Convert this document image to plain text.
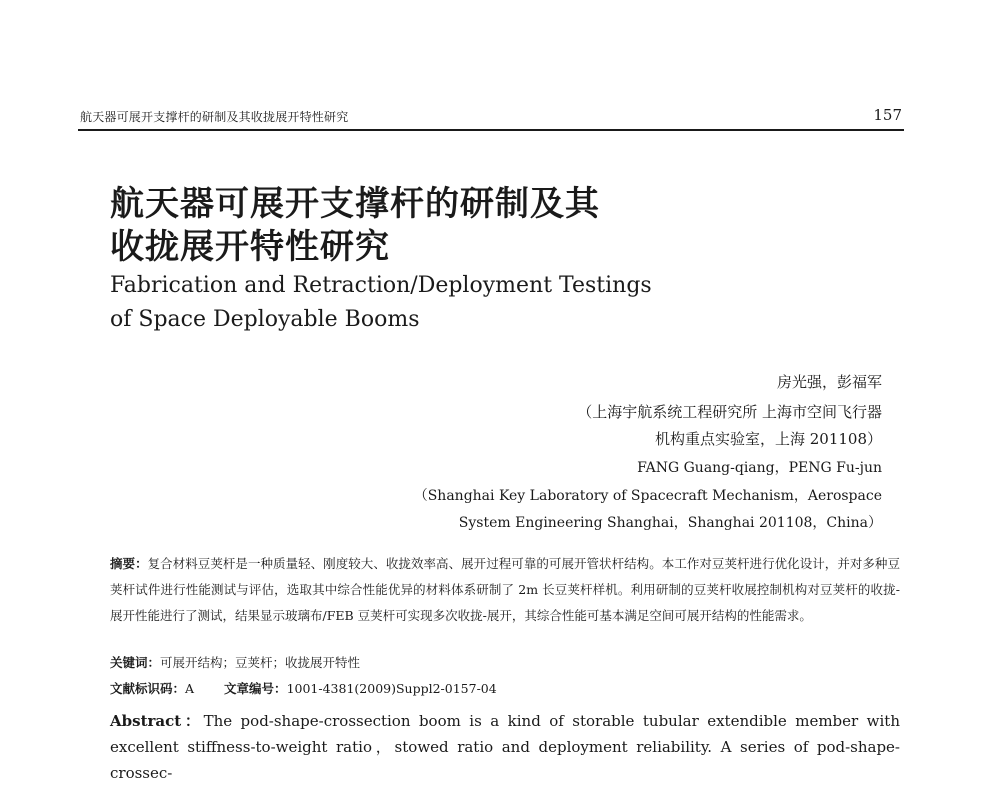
航天器可展开支撑杆的研制及其收拢展开特性研究	157
航天器可展开支撑杆的研制及其
收拢展开特性研究
Fabrication and Retraction/Deployment Testings
of Space Deployable Booms
房光强，彭福军
（上海宇航系统工程研究所 上海市空间飞行器
机构重点实验室，上海 201108）
FANG Guang-qiang，PENG Fu-jun
（Shanghai Key Laboratory of Spacecraft Mechanism，Aerospace
System Engineering Shanghai，Shanghai 201108，China）
摘要：复合材料豆荚杆是一种质量轻、刚度较大、收拢效率高、展开过程可靠的可展开管状杆结构。本工作对豆荚杆进行优化设计，并对多种豆荚杆试件进行性能测试与评估，选取其中综合性能优异的材料体系研制了 2m 长豆荚杆样机。利用研制的豆荚杆收展控制机构对豆荚杆的收拢-展开性能进行了测试，结果显示玻璃布/FEB 豆荚杆可实现多次收拢-展开，其综合性能可基本满足空间可展开结构的性能需求。
关键词：可展开结构；豆荚杆；收拢展开特性
文献标识码：A 文章编号：1001-4381(2009)Suppl2-0157-04
Abstract：The pod-shape-crossection boom is a kind of storable tubular extendible member with excellent stiffness-to-weight ratio，stowed ratio and deployment reliability. A series of pod-shape-crossec-
